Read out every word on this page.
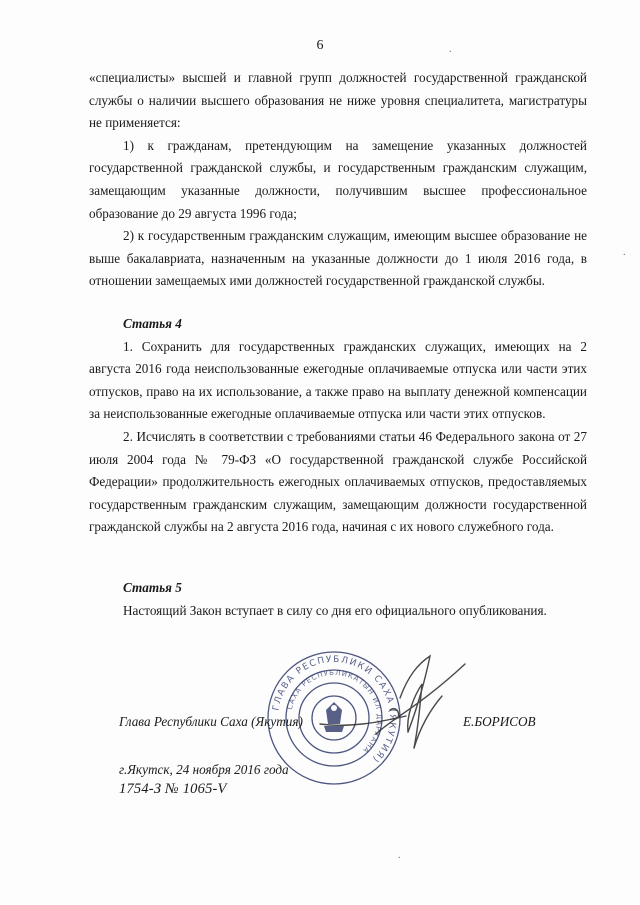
6

«специалисты» высшей и главной групп должностей государственной гражданской службы о наличии высшего образования не ниже уровня специалитета, магистратуры не применяется:

1) к гражданам, претендующим на замещение указанных должностей государственной гражданской службы, и государственным гражданским служащим, замещающим указанные должности, получившим высшее профессиональное образование до 29 августа 1996 года;

2) к государственным гражданским служащим, имеющим высшее образование не выше бакалавриата, назначенным на указанные должности до 1 июля 2016 года, в отношении замещаемых ими должностей государственной гражданской службы.

Статья 4

1. Сохранить для государственных гражданских служащих, имеющих на 2 августа 2016 года неиспользованные ежегодные оплачиваемые отпуска или части этих отпусков, право на их использование, а также право на выплату денежной компенсации за неиспользованные ежегодные оплачиваемые отпуска или части этих отпусков.

2. Исчислять в соответствии с требованиями статьи 46 Федерального закона от 27 июля 2004 года № 79-ФЗ «О государственной гражданской службе Российской Федерации» продолжительность ежегодных оплачиваемых отпусков, предоставляемых государственным гражданским служащим, замещающим должности государственной гражданской службы на 2 августа 2016 года, начиная с их нового служебного года.

Статья 5

Настоящий Закон вступает в силу со дня его официального опубликования.

ГЛАВА РЕСПУБЛИКИ САХА (ЯКУТИЯ)
САХА РЕСПУБЛИКАТЫН ИЛ ДАРХАНА
Глава Республики Саха (Якутия)	Е.БОРИСОВ
г.Якутск, 24 ноября 2016 года
1754-З № 1065-V
.
.
.
